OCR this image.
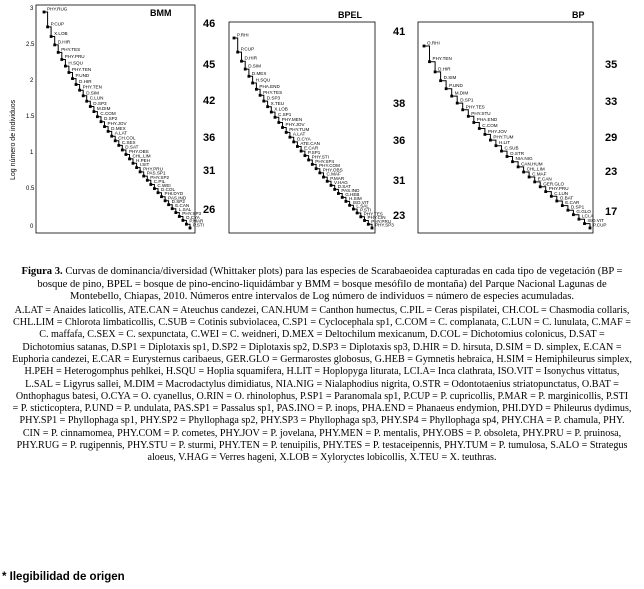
Log número de individuos
3
2.5
2
1.5
1
0.5
0
BMM
PHY.RUG
P.CUP
X.LOB
D.HIR
PHY.TES
PHY.PRU
H.SQU
PHY.TEN
P.UND
D.HIR
PHY.TEN
D.SIM
C.LUN
D.SP3
M.DIM
C.COM
D.SP2
PHY.JOV
D.MEX
A.LAT
CH.COL
C.SEX
D.SAT
PHY.OBS
CHL.LIM
H.PEH
I.SIT
PHY.PRU
PAS.SP1
PHY.SP2
C.PIL
C.WEI
D.COL
PHI.DYD
PAS.IND
D.SP2
E.CAN
L.SAL
PHY.SP3
O.CYA
P.MAR
P.STI
46
45
42
36
31
26
BPEL
P.RHI
P.CUP
D.HIR
D.SIM
D.MEX
H.SQU
PHA.END
PHY.TES
D.SP3
X.TEU
X.LOB
C.SP1
PHY.MEN
PHY.JOV
PHY.TUM
A.LAT
O.CYA
ATE.CAN
E.CAR
P.SP1
PHY.STI
PHY.SP4
PHY.COM
PHY.OBS
C.MAF
P.MAR
V.HAG
D.SAT
PAS.IND
G.HEB
H.SIM
ISO.VIT
L.SAL
P.STI
PHY.TES
PHY.CIN
PHY.PRU
PHY.SP3
41
38
36
31
23
BP
O.RHI
PHY.TEN
D.HIR
D.SIM
P.UND
M.DIM
D.SP1
PHY.TES
PHY.STU
PHA.END
C.COM
PHY.JOV
PHY.TUM
H.LIT
C.SUB
O.STR
NIA.NIG
CAN.HUM
CHL.LIM
C.MAF
E.CAN
GER.GLO
PHY.PRU
C.LUN
O.BAT
E.CAR
D.SP1
G.GLO
LCI.A
ISO.VIT
P.CUP
35
33
29
23
17
Figura 3. Curvas de dominancia/diversidad (Whittaker plots) para las especies de Scarabaeoidea capturadas en cada tipo de vegetación (BP = bosque de pino, BPEL = bosque de pino-encino-liquidámbar y BMM = bosque mesófilo de montaña) del Parque Nacional Lagunas de Montebello, Chiapas, 2010. Números entre intervalos de Log número de individuos = número de especies acumuladas.
A.LAT = Anaides laticollis, ATE.CAN = Ateuchus candezei, CAN.HUM = Canthon humectus, C.PIL = Ceras pispilatei, CH.COL = Chasmodia collaris, CHL.LIM = Chlorota limbaticollis, C.SUB = Cotinis subviolacea, C.SP1 = Cyclocephala sp1, C.COM = C. complanata, C.LUN = C. lunulata, C.MAF = C. maffafa, C.SEX = C. sexpunctata, C.WEI = C. weidneri, D.MEX = Deltochilum mexicanum, D.COL = Dichotomius colonicus, D.SAT = Dichotomius satanas, D.SP1 = Diplotaxis sp1, D.SP2 = Diplotaxis sp2, D.SP3 = Diplotaxis sp3, D.HIR = D. hirsuta, D.SIM = D. simplex, E.CAN = Euphoria candezei, E.CAR = Eurysternus caribaeus, GER.GLO = Germarostes globosus, G.HEB = Gymnetis hebraica, H.SIM = Hemiphileurus simplex, H.PEH = Heterogomphus pehlkei, H.SQU = Hoplia squamifera, H.LIT = Hoplopyga liturata, LCI.A= Inca clathrata, ISO.VIT = Isonychus vittatus, L.SAL = Ligyrus sallei, M.DIM = Macrodactylus dimidiatus, NIA.NIG = Nialaphodius nigrita, O.STR = Odontotaenius striatopunctatus, O.BAT = Onthophagus batesi, O.CYA = O. cyanellus, O.RIN = O. rhinolophus, P.SP1 = Paranomala sp1, P.CUP = P. cupricollis, P.MAR = P. marginicollis, P.STI = P. sticticoptera, P.UND = P. undulata, PAS.SP1 = Passalus sp1, PAS.INO = P. inops, PHA.END = Phanaeus endymion, PHI.DYD = Phileurus dydimus, PHY.SP1 = Phyllophaga sp1, PHY.SP2 = Phyllophaga sp2, PHY.SP3 = Phyllophaga sp3, PHY.SP4 = Phyllophaga sp4, PHY.CHA = P. chamula, PHY. CIN = P. cinnamomea, PHY.COM = P. cometes, PHY.JOV = P. jovelana, PHY.MEN = P. mentalis, PHY.OBS = P. obsoleta, PHY.PRU = P. pruinosa, PHY.RUG = P. rugipennis, PHY.STU = P. sturmi, PHY.TEN = P. tenuipilis, PHY.TES = P. testaceipennis, PHY.TUM = P. tumulosa, S.ALO = Strategus aloeus, V.HAG = Verres hageni, X.LOB = Xyloryctes lobicollis, X.TEU = X. teuthras.
* Ilegibilidad de origen
